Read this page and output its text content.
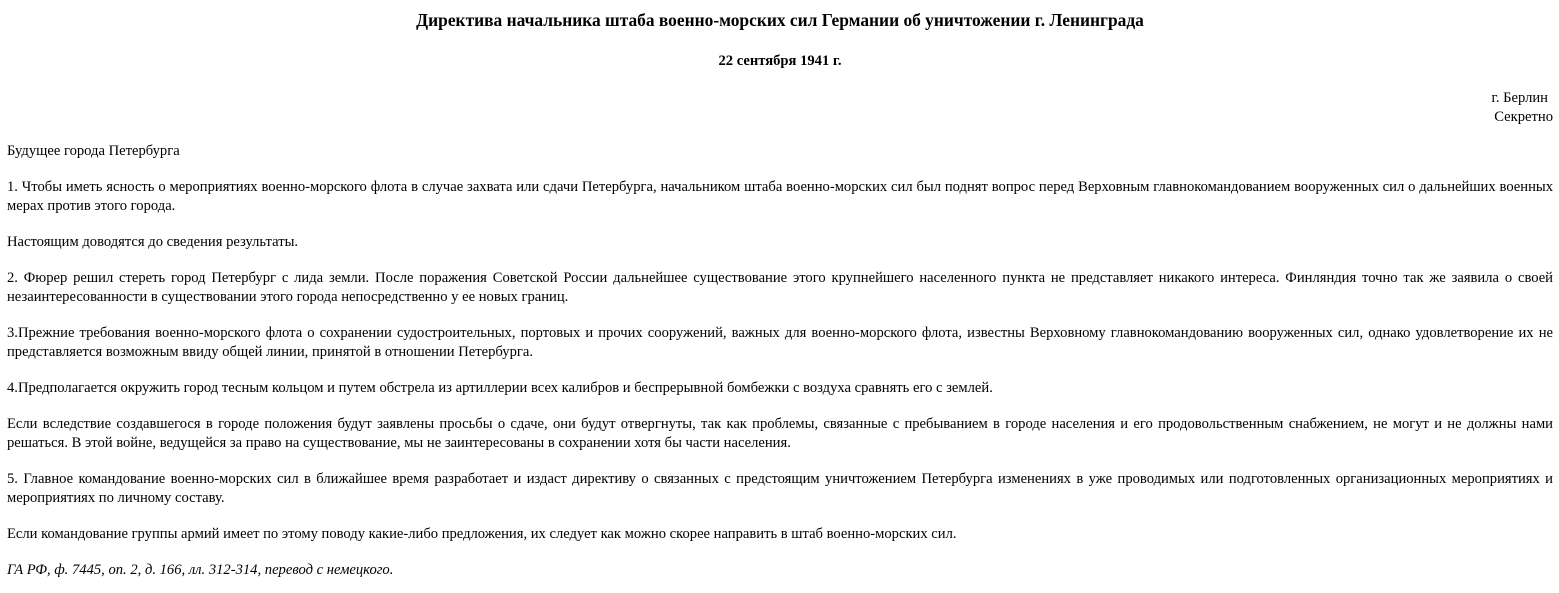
Директива начальника штаба военно-морских сил Германии об уничтожении г. Ленинграда
22 сентября 1941 г.
г. Берлин
Секретно

Будущее города Петербурга

1. Чтобы иметь ясность о мероприятиях военно-морского флота в случае захвата или сдачи Петербурга, начальником штаба военно-морских сил был поднят вопрос перед Верховным главнокомандованием вооруженных сил о дальнейших военных мерах против этого города.

Настоящим доводятся до сведения результаты.

2. Фюрер решил стереть город Петербург с лида земли. После поражения Советской России дальнейшее существование этого крупнейшего населенного пункта не представляет никакого интереса. Финляндия точно так же заявила о своей незаинтересованности в существовании этого города непосредственно у ее новых границ.

3.Прежние требования военно-морского флота о сохранении судостроительных, портовых и прочих сооружений, важных для военно-морского флота, известны Верховному главнокомандованию вооруженных сил, однако удовлетворение их не представляется возможным ввиду общей линии, принятой в отношении Петербурга.

4.Предполагается окружить город тесным кольцом и путем обстрела из артиллерии всех калибров и беспрерывной бомбежки с воздуха сравнять его с землей.

Если вследствие создавшегося в городе положения будут заявлены просьбы о сдаче, они будут отвергнуты, так как проблемы, связанные с пребыванием в городе населения и его продовольственным снабжением, не могут и не должны нами решаться. В этой войне, ведущейся за право на существование, мы не заинтересованы в сохранении хотя бы части населения.

5. Главное командование военно-морских сил в ближайшее время разработает и издаст директиву о связанных с предстоящим уничтожением Петербурга изменениях в уже проводимых или подготовленных организационных мероприятиях и мероприятиях по личному составу.

Если командование группы армий имеет по этому поводу какие-либо предложения, их следует как можно скорее направить в штаб военно-морских сил.

ГА РФ, ф. 7445, оп. 2, д. 166, лл. 312-314, перевод с немецкого.
